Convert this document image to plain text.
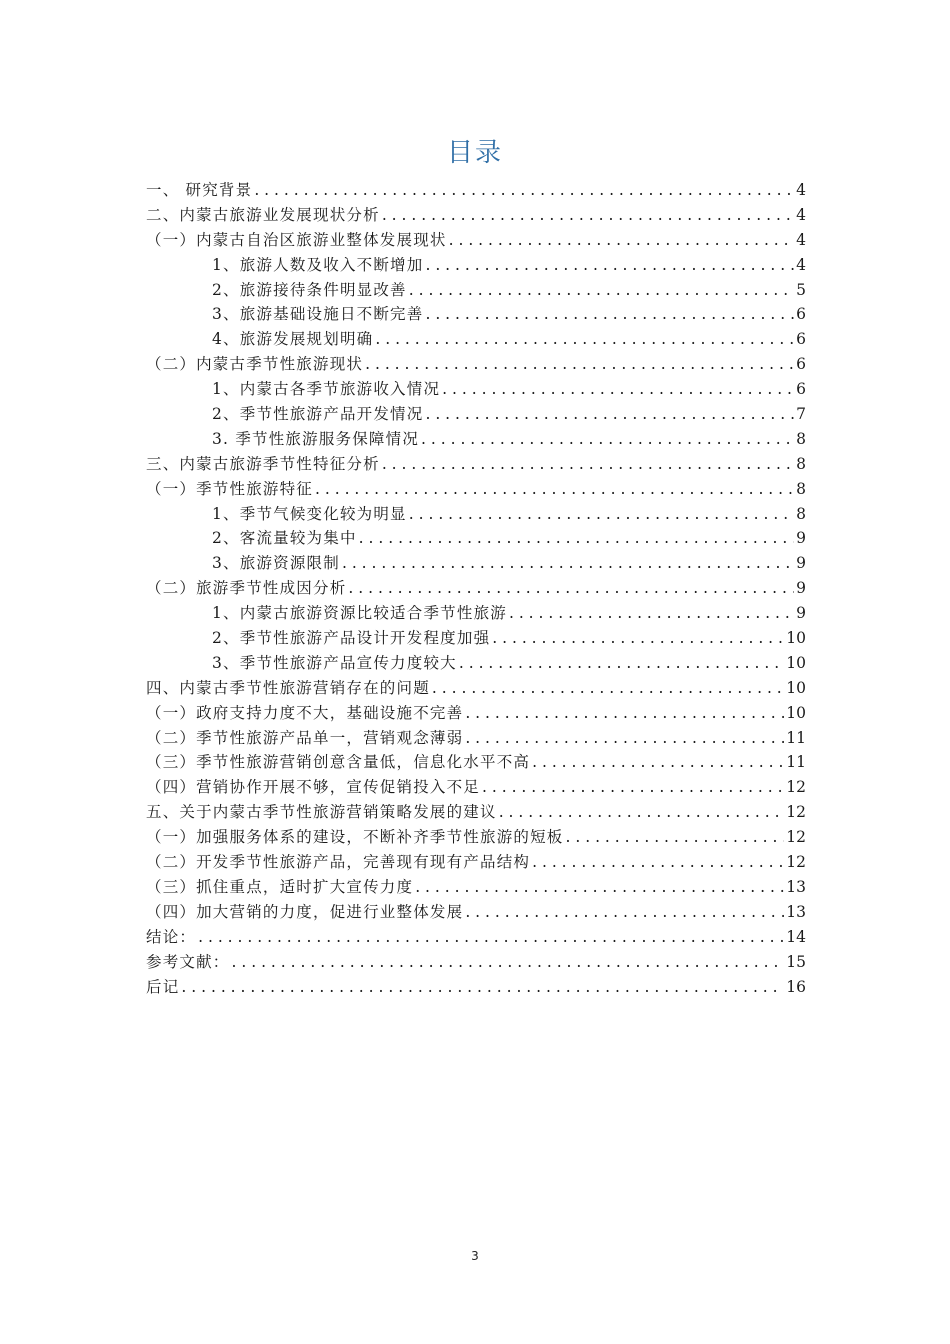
目录
一、 研究背景 . . .	4
二、内蒙古旅游业发展现状分析 . . .	4
（一）内蒙古自治区旅游业整体发展现状 . . .	4
1、旅游人数及收入不断增加 . . .	4
2、旅游接待条件明显改善 . . .	5
3、旅游基础设施日不断完善 . . .	6
4、旅游发展规划明确 . . .	6
（二）内蒙古季节性旅游现状 . . .	6
1、内蒙古各季节旅游收入情况 . . .	6
2、季节性旅游产品开发情况 . . .	7
3. 季节性旅游服务保障情况 . . .	8
三、内蒙古旅游季节性特征分析 . . .	8
（一）季节性旅游特征 . . .	8
1、季节气候变化较为明显 . . .	8
2、客流量较为集中 . . .	9
3、旅游资源限制 . . .	9
（二）旅游季节性成因分析 . . .	9
1、内蒙古旅游资源比较适合季节性旅游 . . .	9
2、季节性旅游产品设计开发程度加强 . . .	10
3、季节性旅游产品宣传力度较大 . . .	10
四、内蒙古季节性旅游营销存在的问题 . . .	10
（一）政府支持力度不大，基础设施不完善 . . .	10
（二）季节性旅游产品单一，营销观念薄弱 . . .	11
（三）季节性旅游营销创意含量低，信息化水平不高 . . .	11
（四）营销协作开展不够，宣传促销投入不足 . . .	12
五、关于内蒙古季节性旅游营销策略发展的建议 . . .	12
（一）加强服务体系的建设，不断补齐季节性旅游的短板 . . .	12
（二）开发季节性旅游产品，完善现有现有产品结构 . . .	12
（三）抓住重点，适时扩大宣传力度 . . .	13
（四）加大营销的力度，促进行业整体发展 . . .	13
结论： . . .	14
参考文献： . . .	15
后记 . . .	16
3
